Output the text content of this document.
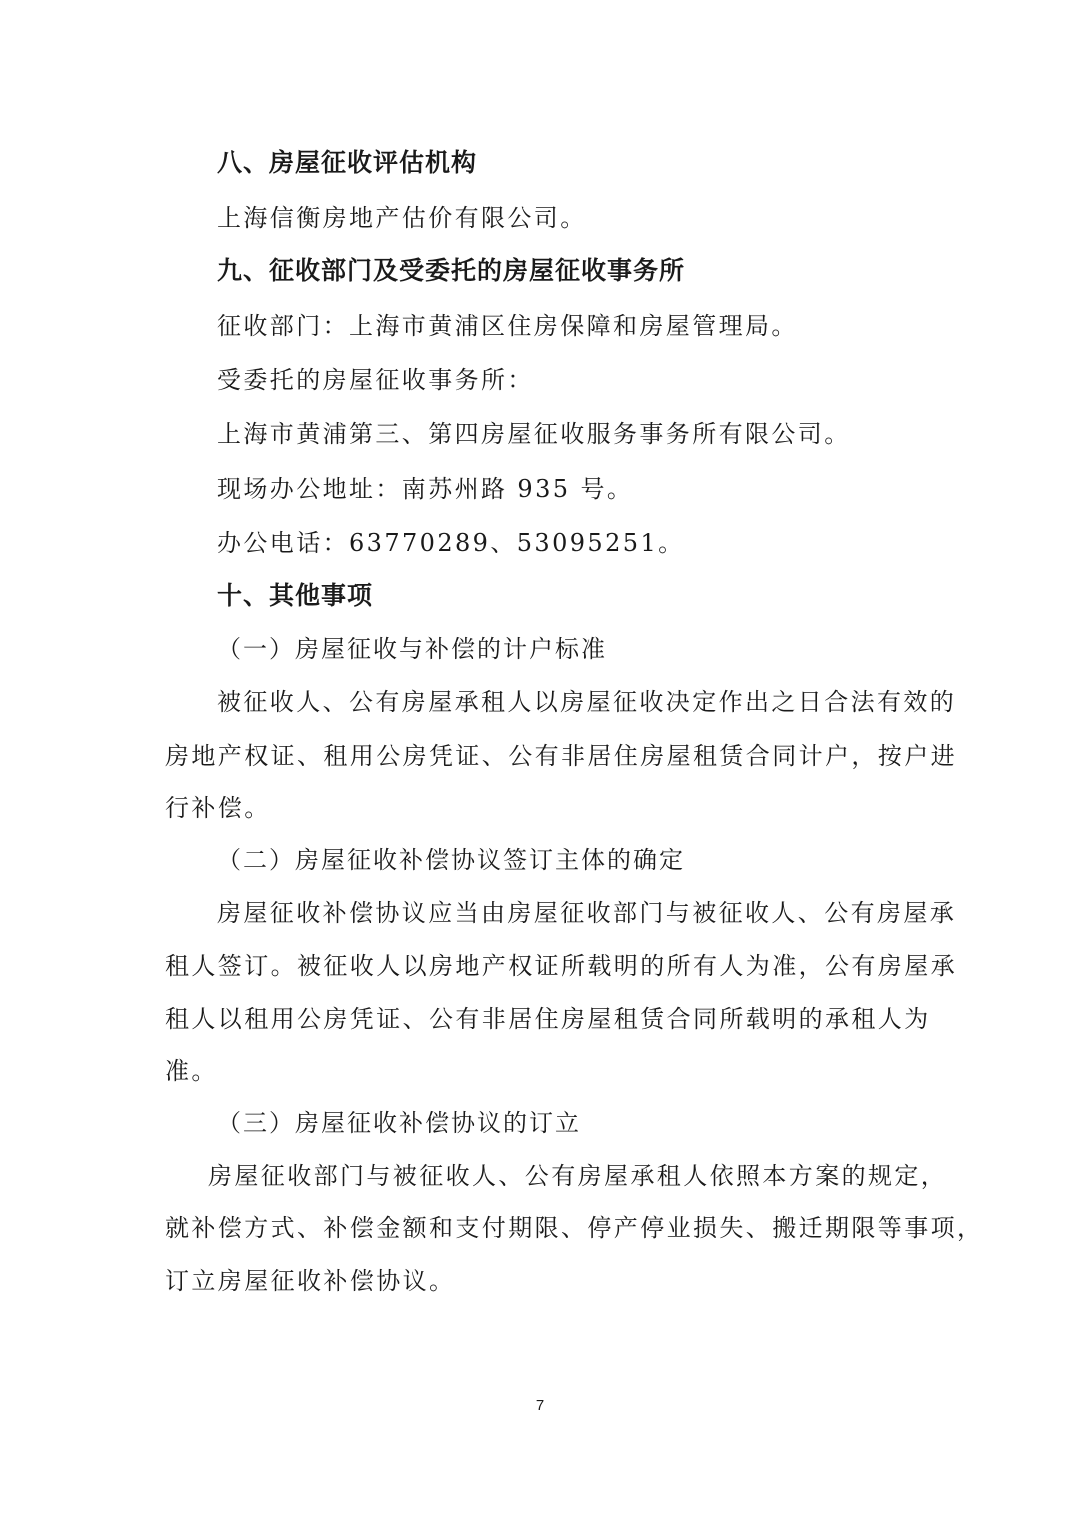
八、房屋征收评估机构
上海信衡房地产估价有限公司。
九、征收部门及受委托的房屋征收事务所
征收部门：上海市黄浦区住房保障和房屋管理局。
受委托的房屋征收事务所：
上海市黄浦第三、第四房屋征收服务事务所有限公司。
现场办公地址：南苏州路 935 号。
办公电话：63770289、53095251。
十、其他事项
（一）房屋征收与补偿的计户标准
被征收人、公有房屋承租人以房屋征收决定作出之日合法有效的
房地产权证、租用公房凭证、公有非居住房屋租赁合同计户，按户进
行补偿。
（二）房屋征收补偿协议签订主体的确定
房屋征收补偿协议应当由房屋征收部门与被征收人、公有房屋承
租人签订。被征收人以房地产权证所载明的所有人为准，公有房屋承
租人以租用公房凭证、公有非居住房屋租赁合同所载明的承租人为
准。
（三）房屋征收补偿协议的订立
房屋征收部门与被征收人、公有房屋承租人依照本方案的规定，
就补偿方式、补偿金额和支付期限、停产停业损失、搬迁期限等事项，
订立房屋征收补偿协议。
7
